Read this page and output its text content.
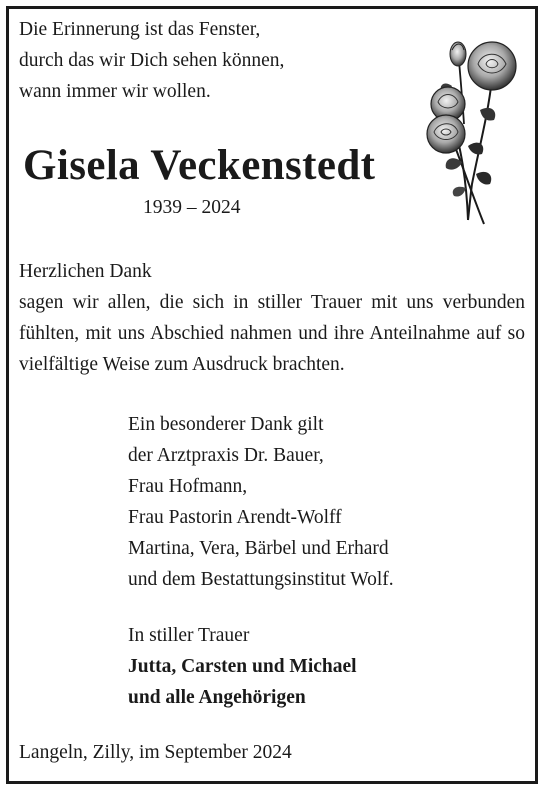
Die Erinnerung ist das Fenster,
durch das wir Dich sehen können,
wann immer wir wollen.
Gisela Veckenstedt
1939 – 2024
Herzlichen Dank
sagen wir allen, die sich in stiller Trauer mit uns verbunden fühlten, mit uns Abschied nahmen und ihre Anteilnahme auf so vielfältige Weise zum Ausdruck brachten.
Ein besonderer Dank gilt
der Arztpraxis Dr. Bauer,
Frau Hofmann,
Frau Pastorin Arendt-Wolff
Martina, Vera, Bärbel und Erhard
und dem Bestattungsinstitut Wolf.
In stiller Trauer
Jutta, Carsten und Michael
und alle Angehörigen
Langeln, Zilly, im September 2024
